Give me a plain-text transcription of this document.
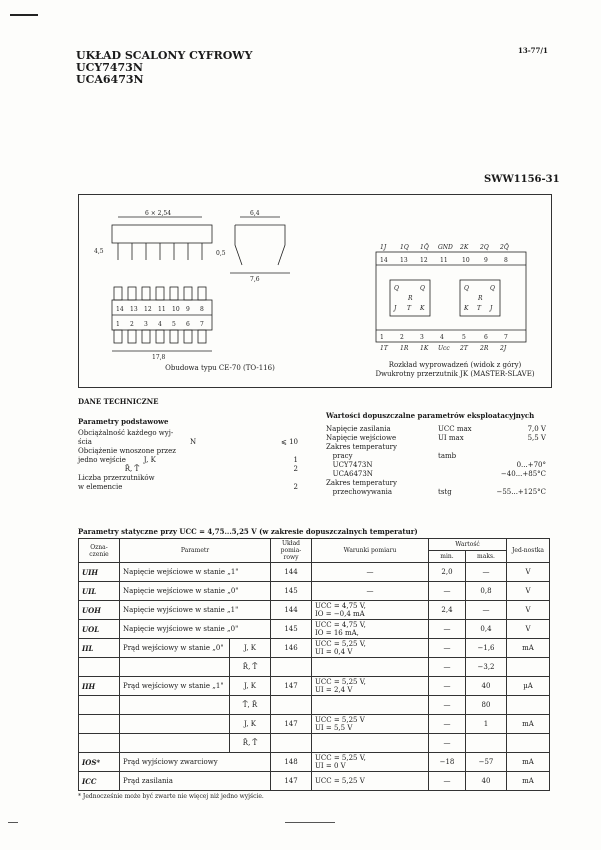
UKŁAD SCALONY CYFROWY
UCY7473N
UCA6473N
13-77/1
SWW1156-31
6 × 2,54	6,4
7,6
17,8
4,5	0,5
14 13 12 11 10 9 8
1 2 3 4 5 6 7
Obudowa typu CE-70 (TO-116)
1J 1Q 1Q̄ GND 2K 2Q 2Q̄
14 13 12 11 10 9	8
Q	Q	Q	Q
J T K	K T	J
R	R
1	2	3	4	5	6	7
1T 1R 1K Ucc 2T 2R 2J
Rozkład wyprowadzeń (widok z góry)
Dwukrotny przerzutnik JK (MASTER-SLAVE)
DANE TECHNICZNE
Parametry podstawowe
Wartości dopuszczalne parametrów eksploatacyjnych
Obciążalność każdego wyj-
ścia	N	⩽ 10
Obciążenie wnoszone przez
jedno wejście        J, K	1
R̄, T̄	2
Liczba przerzutników
w elemencie	2
Napięcie zasilania	UCC max	7,0 V
Napięcie wejściowe	UI max	5,5 V
Zakres temperatury
pracy	tamb
UCY7473N	0...+70°
UCA6473N	−40...+85°C
Zakres temperatury
przechowywania	tstg	−55...+125°C
Parametry statyczne przy UCC = 4,75...5,25 V (w zakresie dopuszczalnych temperatur)
Ozna-czenie	Parametr		Układ pomia-rowy	Warunki pomiaru	Wartość		Jed-nostka
					min.	maks.	
UIH	Napięcie wejściowe w stanie „1"		144	—	2,0	—	V
UIL	Napięcie wejściowe w stanie „0"		145	—	—	0,8	V
UOH	Napięcie wyjściowe w stanie „1"		144	UCC = 4,75 V,
IO = −0,4 mA	2,4	—	V
UOL	Napięcie wyjściowe w stanie „0"		145	UCC = 4,75 V,
IO = 16 mA,	—	0,4	V
IIL	Prąd wejściowy w stanie „0"	J, K	146	UCC = 5,25 V,
UI = 0,4 V	—	−1,6	mA
		R̄, T̄			—	−3,2	
IIH	Prąd wejściowy w stanie „1"	J, K	147	UCC = 5,25 V,
UI = 2,4 V	—	40	µA
		T̄, R̄			—	80	
		J, K	147	UCC = 5,25 V
UI = 5,5 V	—	1	mA
		R̄, T̄			—		
IOS*	Prąd wyjściowy zwarciowy		148	UCC = 5,25 V,
UI = 0 V	−18	−57	mA
ICC	Prąd zasilania		147	UCC = 5,25 V	—	40	mA
* Jednocześnie może być zwarte nie więcej niż jedno wyjście.
